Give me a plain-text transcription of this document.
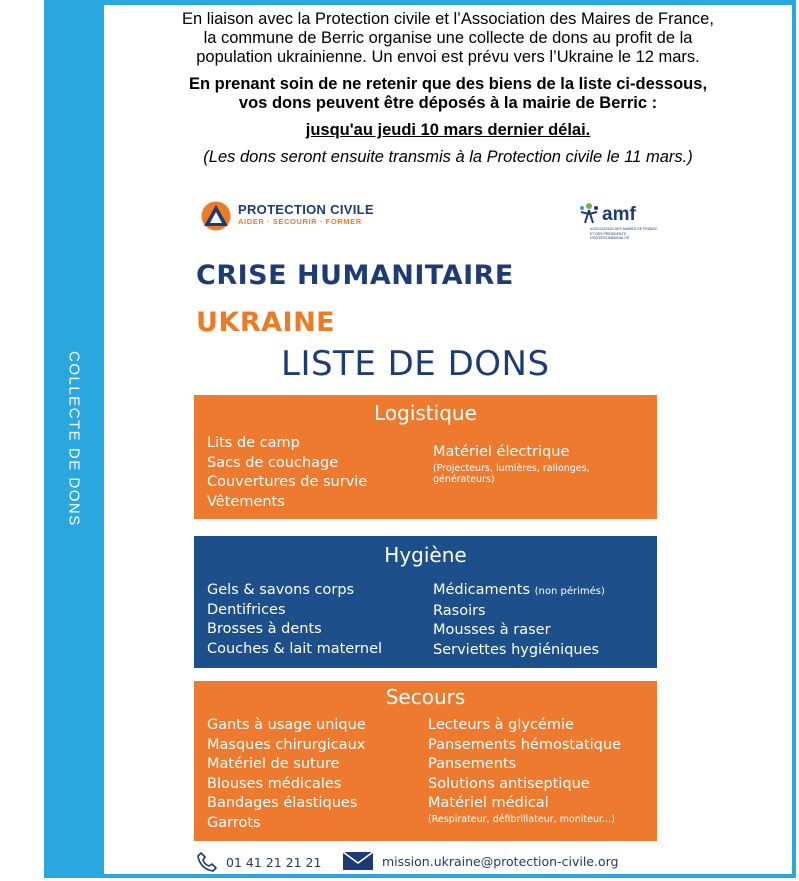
COLLECTE DE DONS

En liaison avec la Protection civile et l’Association des Maires de France,

la commune de Berric organise une collecte de dons au profit de la

population ukrainienne. Un envoi est prévu vers l’Ukraine le 12 mars.

En prenant soin de ne retenir que des biens de la liste ci-dessous,

vos dons peuvent être déposés à la mairie de Berric :

jusqu'au jeudi 10 mars dernier délai.

(Les dons seront ensuite transmis à la Protection civile le 11 mars.)

PROTECTION CIVILE
AIDER · SECOURIR · FORMER	amf
ASSOCIATION DES MAIRES DE FRANCE ET DES PRÉSIDENTS D'INTERCOMMUNALITÉ
CRISE HUMANITAIRE
UKRAINE
LISTE DE DONS
Logistique
Lits de camp
Sacs de couchage
Couvertures de survie
Vêtements
Matériel électrique
(Projecteurs, lumières, rallonges, générateurs)
Hygiène
Gels & savons corps
Dentifrices
Brosses à dents
Couches & lait maternel
Médicaments (non périmés)
Rasoirs
Mousses à raser
Serviettes hygiéniques
Secours
Gants à usage unique
Masques chirurgicaux
Matériel de suture
Blouses médicales
Bandages élastiques
Garrots
Lecteurs à glycémie
Pansements hémostatique
Pansements
Solutions antiseptique
Matériel médical
(Respirateur, défibrillateur, moniteur...)
01 41 21 21 21	mission.ukraine@protection-civile.org
